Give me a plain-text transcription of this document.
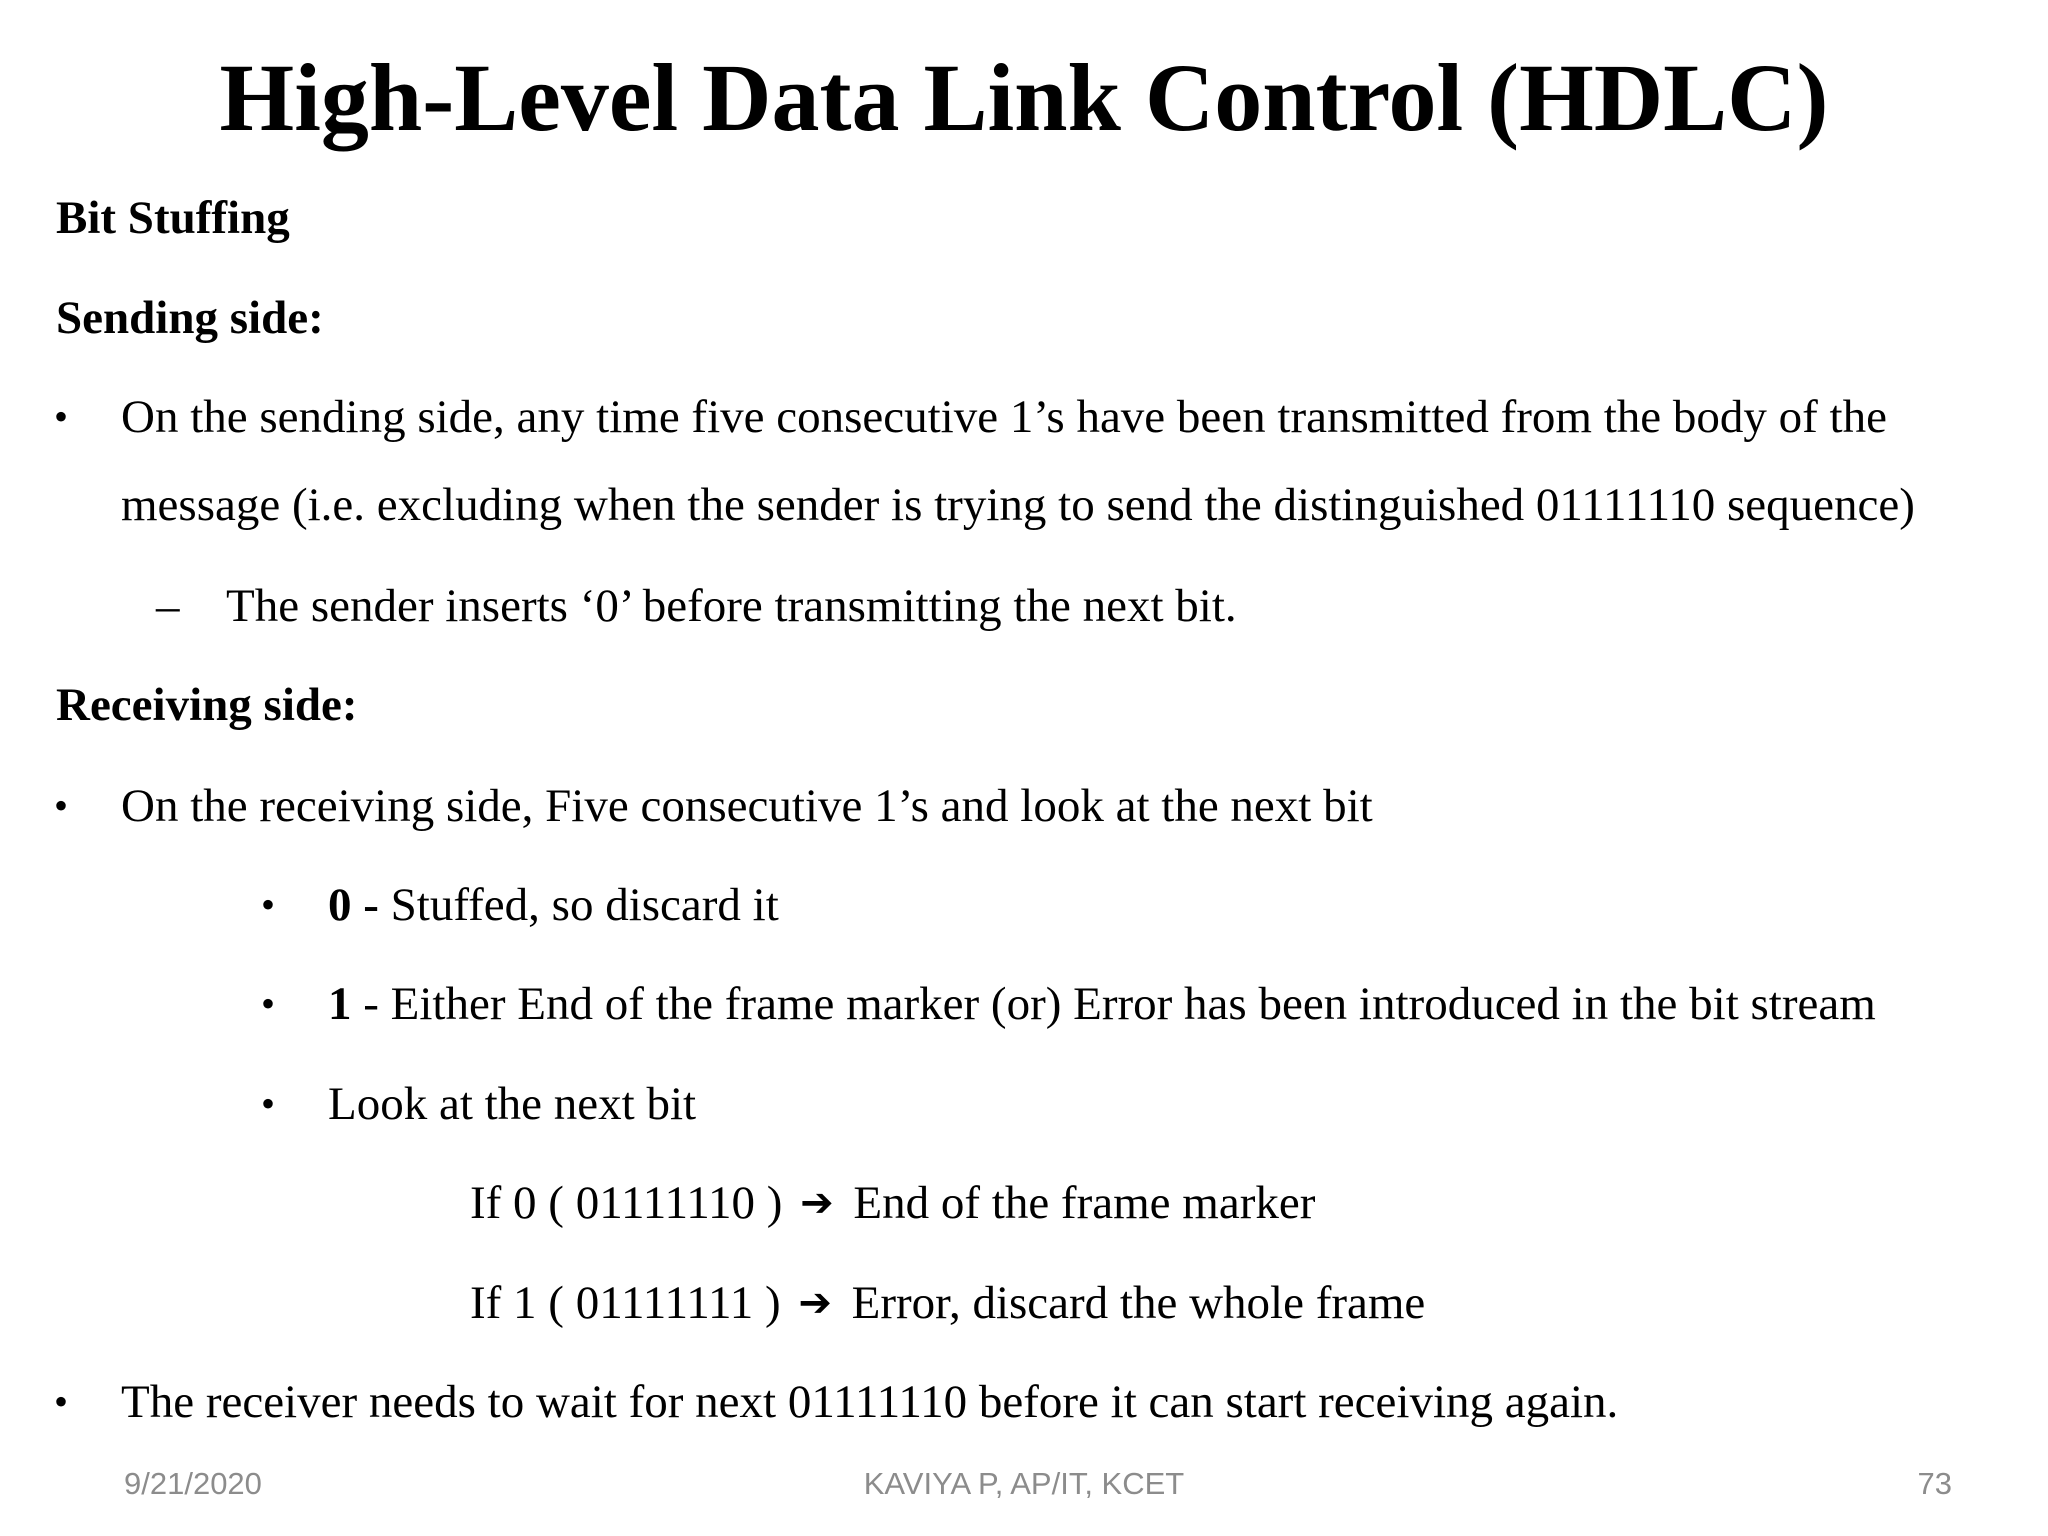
High-Level Data Link Control (HDLC)
Bit Stuffing
Sending side:
• On the sending side, any time five consecutive 1’s have been transmitted from the body of the
message (i.e. excluding when the sender is trying to send the distinguished 01111110 sequence)
– The sender inserts ‘0’ before transmitting the next bit.
Receiving side:
• On the receiving side, Five consecutive 1’s and look at the next bit
• 0 - Stuffed, so discard it
• 1 - Either End of the frame marker (or) Error has been introduced in the bit stream
• Look at the next bit
If 0 ( 01111110 ) ➔ End of the frame marker
If 1 ( 01111111 ) ➔ Error, discard the whole frame
• The receiver needs to wait for next 01111110 before it can start receiving again.
9/21/2020	KAVIYA P, AP/IT, KCET	73
